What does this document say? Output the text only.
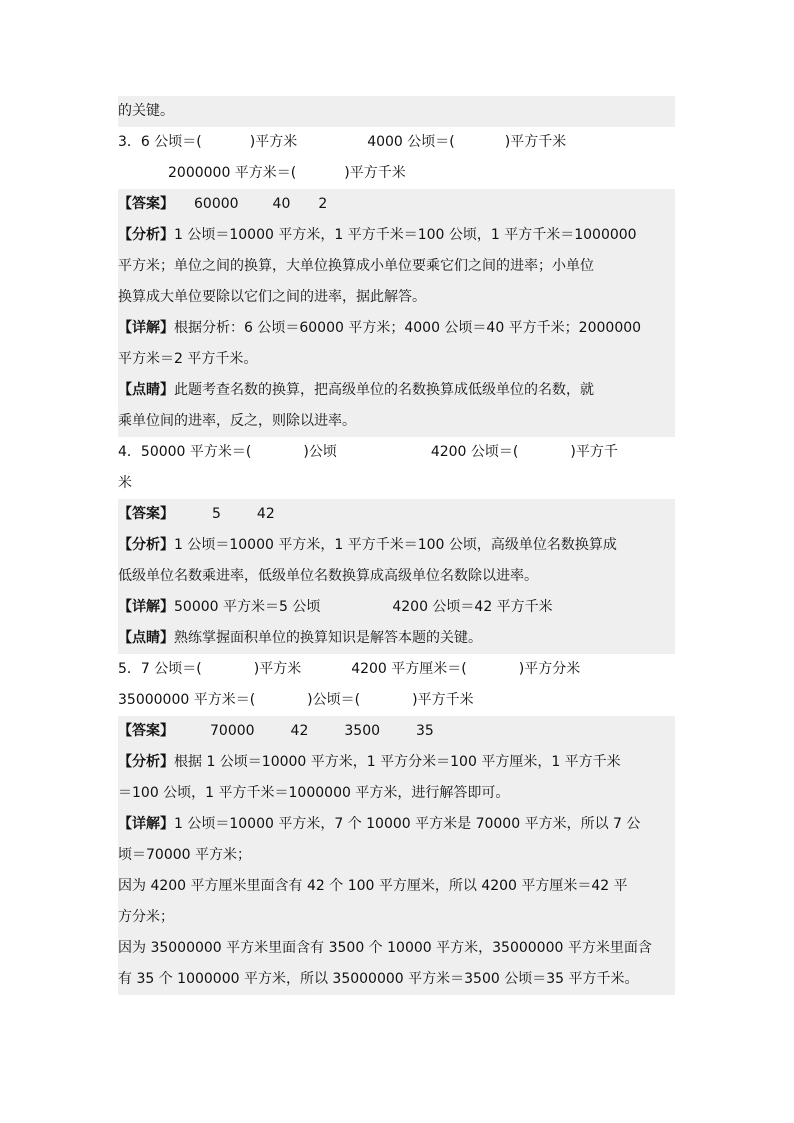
的关键。
3．6 公顷＝(	)平方米	4000 公顷＝(	)平方千米
2000000 平方米＝(	)平方千米
【答案】 60000 40 2
【分析】1 公顷＝10000 平方米，1 平方千米＝100 公顷，1 平方千米＝1000000
平方米；单位之间的换算，大单位换算成小单位要乘它们之间的进率；小单位
换算成大单位要除以它们之间的进率，据此解答。
【详解】根据分析：6 公顷＝60000 平方米；4000 公顷＝40 平方千米；2000000
平方米＝2 平方千米。
【点睛】此题考查名数的换算，把高级单位的名数换算成低级单位的名数，就
乘单位间的进率，反之，则除以进率。
4．50000 平方米＝(	)公顷	4200 公顷＝(	)平方千
米
【答案】	5	42
【分析】1 公顷＝10000 平方米，1 平方千米＝100 公顷，高级单位名数换算成
低级单位名数乘进率，低级单位名数换算成高级单位名数除以进率。
【详解】50000 平方米＝5 公顷	4200 公顷＝42 平方千米
【点睛】熟练掌握面积单位的换算知识是解答本题的关键。
5．7 公顷＝(	)平方米	4200 平方厘米＝(	)平方分米
35000000 平方米＝(	)公顷＝(	)平方千米
【答案】	70000	42	3500	35
【分析】根据 1 公顷＝10000 平方米，1 平方分米＝100 平方厘米，1 平方千米
＝100 公顷，1 平方千米＝1000000 平方米，进行解答即可。
【详解】1 公顷＝10000 平方米，7 个 10000 平方米是 70000 平方米，所以 7 公
顷＝70000 平方米；
因为 4200 平方厘米里面含有 42 个 100 平方厘米，所以 4200 平方厘米＝42 平
方分米；
因为 35000000 平方米里面含有 3500 个 10000 平方米，35000000 平方米里面含
有 35 个 1000000 平方米，所以 35000000 平方米＝3500 公顷＝35 平方千米。
